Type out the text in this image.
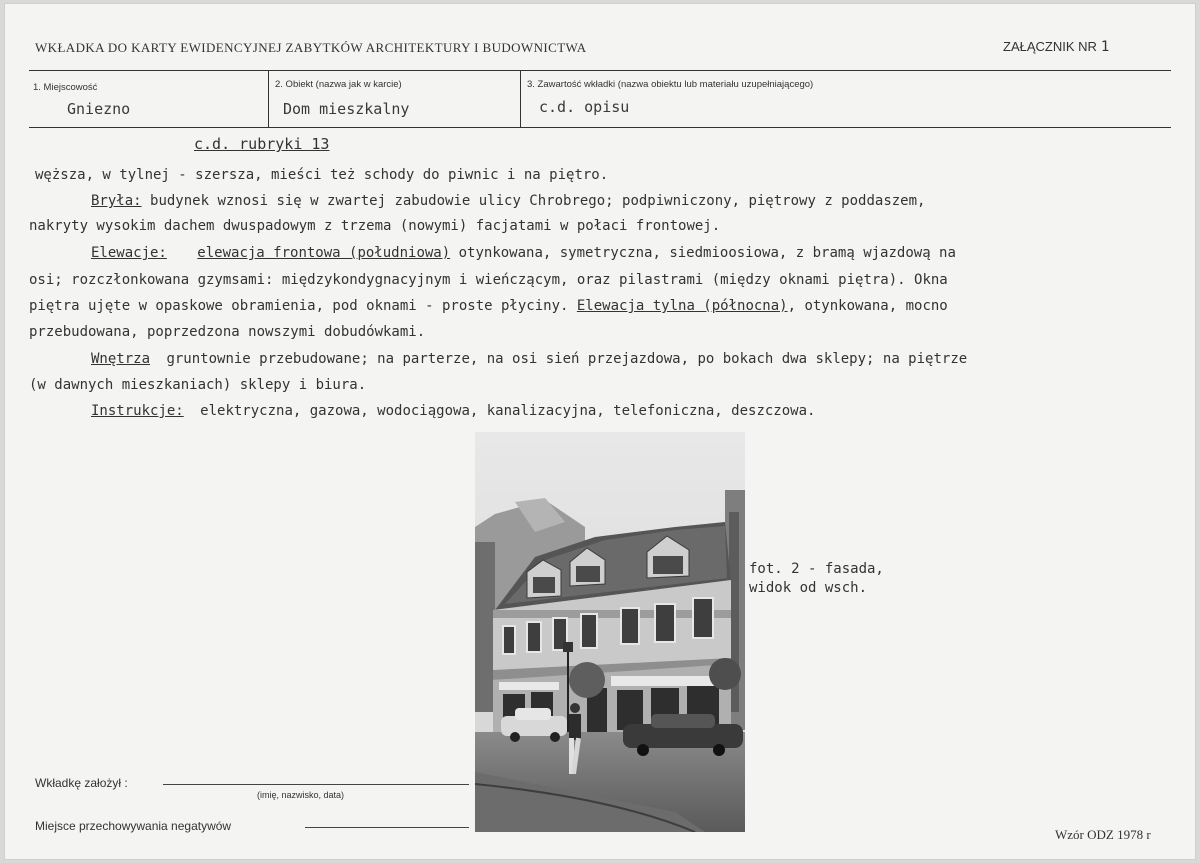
WKŁADKA DO KARTY EWIDENCYJNEJ ZABYTKÓW ARCHITEKTURY I BUDOWNICTWA	ZAŁĄCZNIK NR 1
1. Miejscowość
Gniezno
2. Obiekt (nazwa jak w karcie)
Dom mieszkalny
3. Zawartość wkładki (nazwa obiektu lub materiału uzupełniającego)
c.d. opisu
c.d. rubryki 13
węższa, w tylnej - szersza, mieści też schody do piwnic i na piętro.
Bryła: budynek wznosi się w zwartej zabudowie ulicy Chrobrego; podpiwniczony, piętrowy z poddaszem,
nakryty wysokim dachem dwuspadowym z trzema (nowymi) facjatami w połaci frontowej.
Elewacje: elewacja frontowa (południowa) otynkowana, symetryczna, siedmioosiowa, z bramą wjazdową na
osi; rozczłonkowana gzymsami: międzykondygnacyjnym i wieńczącym, oraz pilastrami (między oknami piętra). Okna
piętra ujęte w opaskowe obramienia, pod oknami - proste płyciny. Elewacja tylna (północna), otynkowana, mocno
przebudowana, poprzedzona nowszymi dobudówkami.
Wnętrza gruntownie przebudowane; na parterze, na osi sień przejazdowa, po bokach dwa sklepy; na piętrze
(w dawnych mieszkaniach) sklepy i biura.
Instrukcje: elektryczna, gazowa, wodociągowa, kanalizacyjna, telefoniczna, deszczowa.
fot. 2 - fasada,
widok od wsch.
Wkładkę założył :
(imię, nazwisko, data)
Miejsce przechowywania negatywów
Wzór ODZ 1978 r
